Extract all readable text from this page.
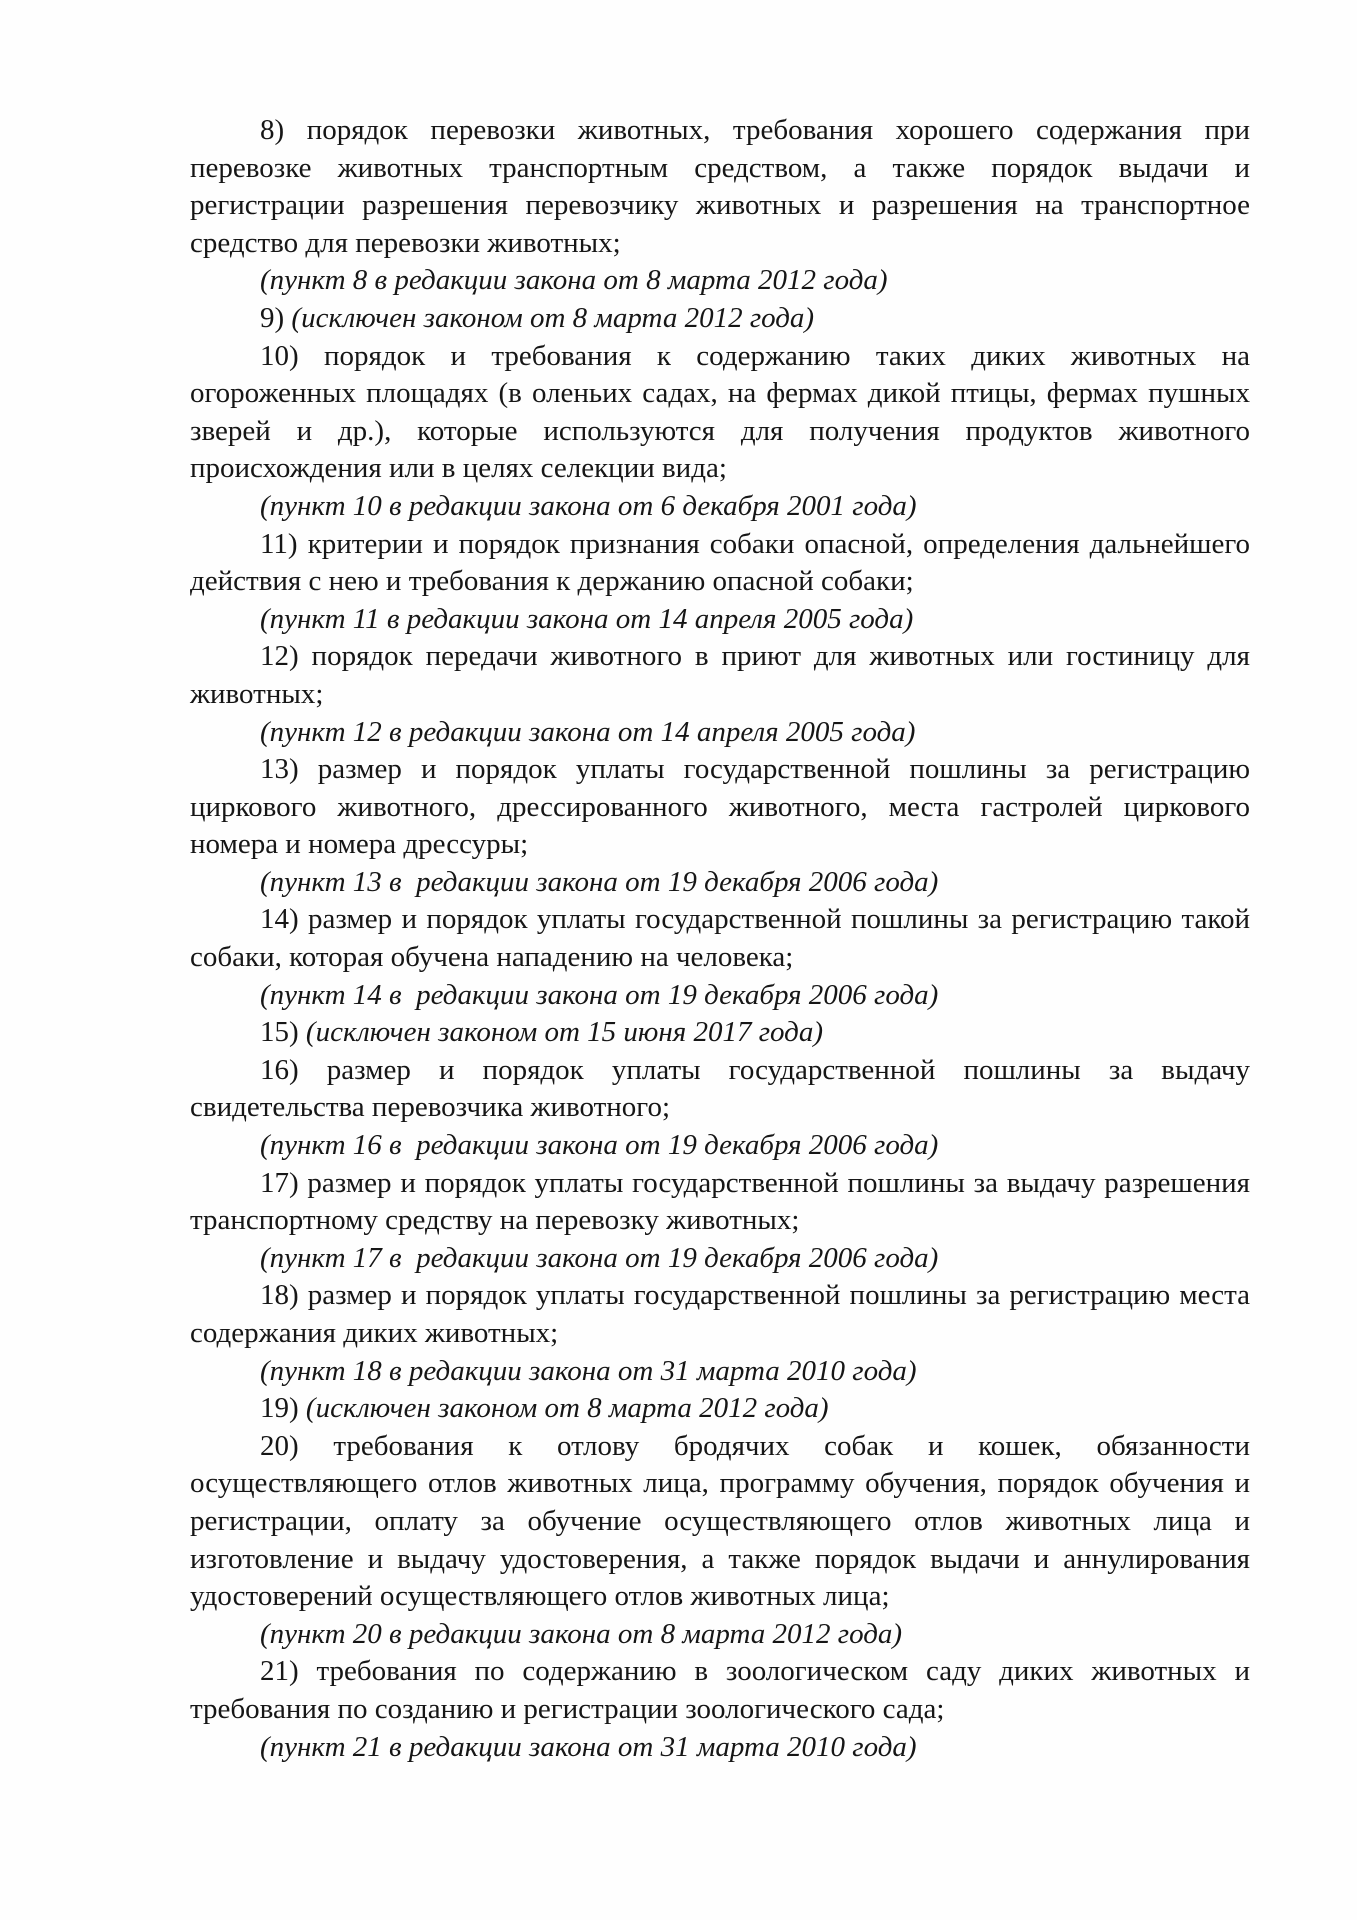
8) порядок перевозки животных, требования хорошего содержания при перевозке животных транспортным средством, а также порядок выдачи и регистрации разрешения перевозчику животных и разрешения на транспортное средство для перевозки животных;

(пункт 8 в редакции закона от 8 марта 2012 года)

9) (исключен законом от 8 марта 2012 года)

10) порядок и требования к содержанию таких диких животных на огороженных площадях (в оленьих садах, на фермах дикой птицы, фермах пушных зверей и др.), которые используются для получения продуктов животного происхождения или в целях селекции вида;

(пункт 10 в редакции закона от 6 декабря 2001 года)

11) критерии и порядок признания собаки опасной, определения дальнейшего действия с нею и требования к держанию опасной собаки;

(пункт 11 в редакции закона от 14 апреля 2005 года)

12) порядок передачи животного в приют для животных или гостиницу для животных;

(пункт 12 в редакции закона от 14 апреля 2005 года)

13) размер и порядок уплаты государственной пошлины за регистрацию циркового животного, дрессированного животного, места гастролей циркового номера и номера дрессуры;

(пункт 13 в  редакции закона от 19 декабря 2006 года)

14) размер и порядок уплаты государственной пошлины за регистрацию такой собаки, которая обучена нападению на человека;

(пункт 14 в  редакции закона от 19 декабря 2006 года)

15) (исключен законом от 15 июня 2017 года)

16) размер и порядок уплаты государственной пошлины за выдачу свидетельства перевозчика животного;

(пункт 16 в  редакции закона от 19 декабря 2006 года)

17) размер и порядок уплаты государственной пошлины за выдачу разрешения транспортному средству на перевозку животных;

(пункт 17 в  редакции закона от 19 декабря 2006 года)

18) размер и порядок уплаты государственной пошлины за регистрацию места содержания диких животных;

(пункт 18 в редакции закона от 31 марта 2010 года)

19) (исключен законом от 8 марта 2012 года)

20) требования к отлову бродячих собак и кошек, обязанности осуществляющего отлов животных лица, программу обучения, порядок обучения и регистрации, оплату за обучение осуществляющего отлов животных лица и изготовление и выдачу удостоверения, а также порядок выдачи и аннулирования удостоверений осуществляющего отлов животных лица;

(пункт 20 в редакции закона от 8 марта 2012 года)

21) требования по содержанию в зоологическом саду диких животных и требования по созданию и регистрации зоологического сада;

(пункт 21 в редакции закона от 31 марта 2010 года)
